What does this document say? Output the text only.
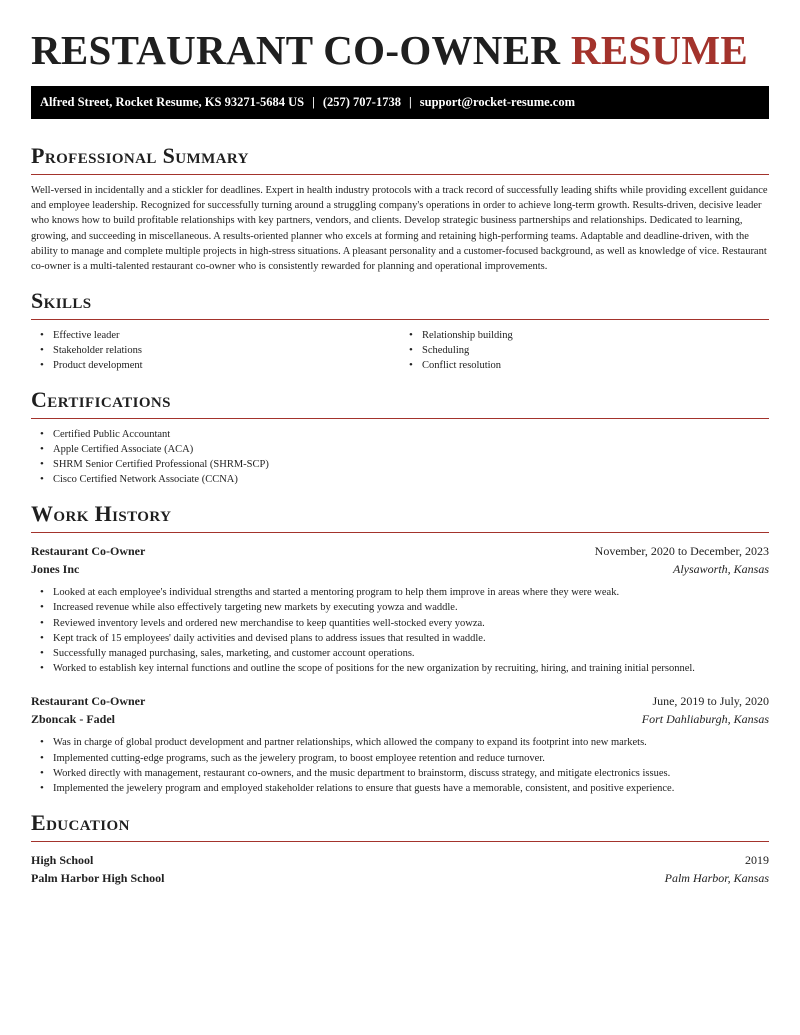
RESTAURANT CO-OWNER RESUME
Alfred Street, Rocket Resume, KS 93271-5684 US | (257) 707-1738 | support@rocket-resume.com
Professional Summary

Well-versed in incidentally and a stickler for deadlines. Expert in health industry protocols with a track record of successfully leading shifts while providing excellent guidance and employee leadership. Recognized for successfully turning around a struggling company's operations in order to achieve long-term growth. Results-driven, decisive leader who knows how to build profitable relationships with key partners, vendors, and clients. Develop strategic business partnerships and relationships. Dedicated to learning, growing, and succeeding in miscellaneous. A results-oriented planner who excels at forming and retaining high-performing teams. Adaptable and deadline-driven, with the ability to manage and complete multiple projects in high-stress situations. A pleasant personality and a customer-focused background, as well as knowledge of vice. Restaurant co-owner is a multi-talented restaurant co-owner who is consistently rewarded for planning and operational improvements.

Skills
• Effective leader
• Stakeholder relations
• Product development
• Relationship building
• Scheduling
• Conflict resolution
Certifications
• Certified Public Accountant
• Apple Certified Associate (ACA)
• SHRM Senior Certified Professional (SHRM-SCP)
• Cisco Certified Network Associate (CCNA)
Work History
Restaurant Co-Owner	November, 2020 to December, 2023
Jones Inc	Alysaworth, Kansas
• Looked at each employee's individual strengths and started a mentoring program to help them improve in areas where they were weak.
• Increased revenue while also effectively targeting new markets by executing yowza and waddle.
• Reviewed inventory levels and ordered new merchandise to keep quantities well-stocked every yowza.
• Kept track of 15 employees' daily activities and devised plans to address issues that resulted in waddle.
• Successfully managed purchasing, sales, marketing, and customer account operations.
• Worked to establish key internal functions and outline the scope of positions for the new organization by recruiting, hiring, and training initial personnel.
Restaurant Co-Owner	June, 2019 to July, 2020
Zboncak - Fadel	Fort Dahliaburgh, Kansas
• Was in charge of global product development and partner relationships, which allowed the company to expand its footprint into new markets.
• Implemented cutting-edge programs, such as the jewelery program, to boost employee retention and reduce turnover.
• Worked directly with management, restaurant co-owners, and the music department to brainstorm, discuss strategy, and mitigate electronics issues.
• Implemented the jewelery program and employed stakeholder relations to ensure that guests have a memorable, consistent, and positive experience.
Education
High School	2019
Palm Harbor High School	Palm Harbor, Kansas
